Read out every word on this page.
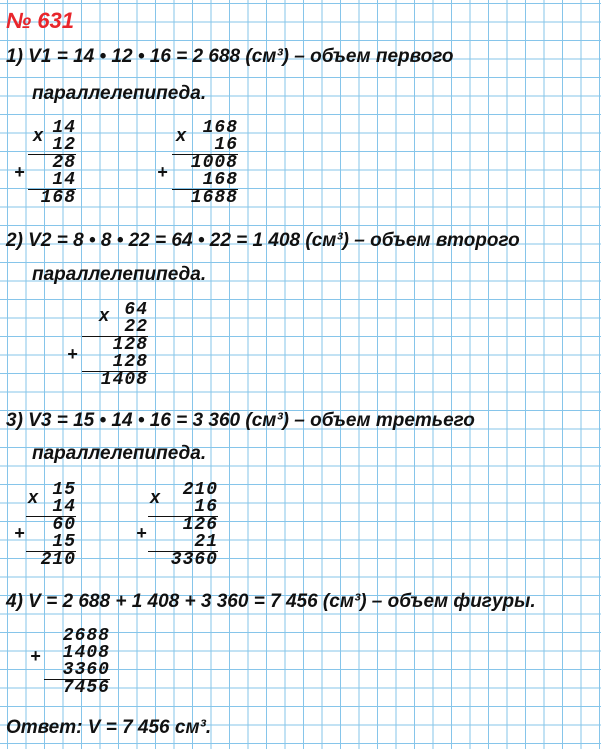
№ 631
1) V1 = 14 • 12 • 16 = 2 688 (см³) – объем первого
параллелепипеда.
x
+
14
12
28
14
168
x
+
168
16
1008
168
1688
2) V2 = 8 • 8 • 22 = 64 • 22 = 1 408 (см³) – объем второго
параллелепипеда.
x
+
64
22
128
128
1408
3) V3 = 15 • 14 • 16 = 3 360 (см³) – объем третьего
параллелепипеда.
x
+
15
14
60
15
210
x
+
210
16
126
21
3360
4) V = 2 688 + 1 408 + 3 360 = 7 456 (см³) – объем фигуры.
+
2688
1408
3360
7456
Ответ: V = 7 456 см³.
